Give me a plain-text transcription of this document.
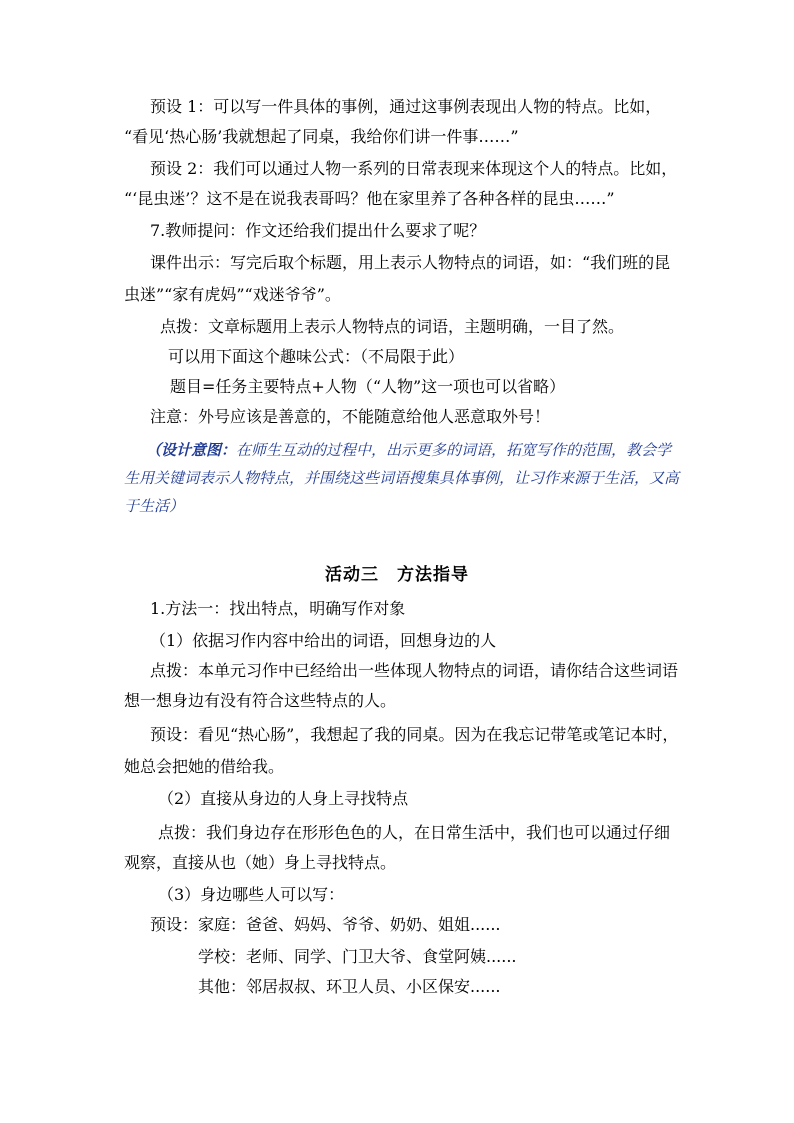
预设 1：可以写一件具体的事例，通过这事例表现出人物的特点。比如，

“看见‘热心肠’我就想起了同桌，我给你们讲一件事……”

预设 2：我们可以通过人物一系列的日常表现来体现这个人的特点。比如，

“‘昆虫迷’？这不是在说我表哥吗？他在家里养了各种各样的昆虫……”

7.教师提问：作文还给我们提出什么要求了呢？

课件出示：写完后取个标题，用上表示人物特点的词语，如：“我们班的昆

虫迷”“家有虎妈”“戏迷爷爷”。

点拨：文章标题用上表示人物特点的词语，主题明确，一目了然。

可以用下面这个趣味公式：（不局限于此）

题目=任务主要特点+人物（“人物”这一项也可以省略）

注意：外号应该是善意的，不能随意给他人恶意取外号！

（设计意图：在师生互动的过程中，出示更多的词语，拓宽写作的范围，教会学生用关键词表示人物特点，并围绕这些词语搜集具体事例，让习作来源于生活，又高于生活）

活动三　方法指导

1.方法一：找出特点，明确写作对象

（1）依据习作内容中给出的词语，回想身边的人

点拨：本单元习作中已经给出一些体现人物特点的词语，请你结合这些词语

想一想身边有没有符合这些特点的人。

预设：看见“热心肠”，我想起了我的同桌。因为在我忘记带笔或笔记本时，

她总会把她的借给我。

（2）直接从身边的人身上寻找特点

点拨：我们身边存在形形色色的人，在日常生活中，我们也可以通过仔细

观察，直接从也（她）身上寻找特点。

（3）身边哪些人可以写：

预设：家庭：爸爸、妈妈、爷爷、奶奶、姐姐......

学校：老师、同学、门卫大爷、食堂阿姨......

其他：邻居叔叔、环卫人员、小区保安......
